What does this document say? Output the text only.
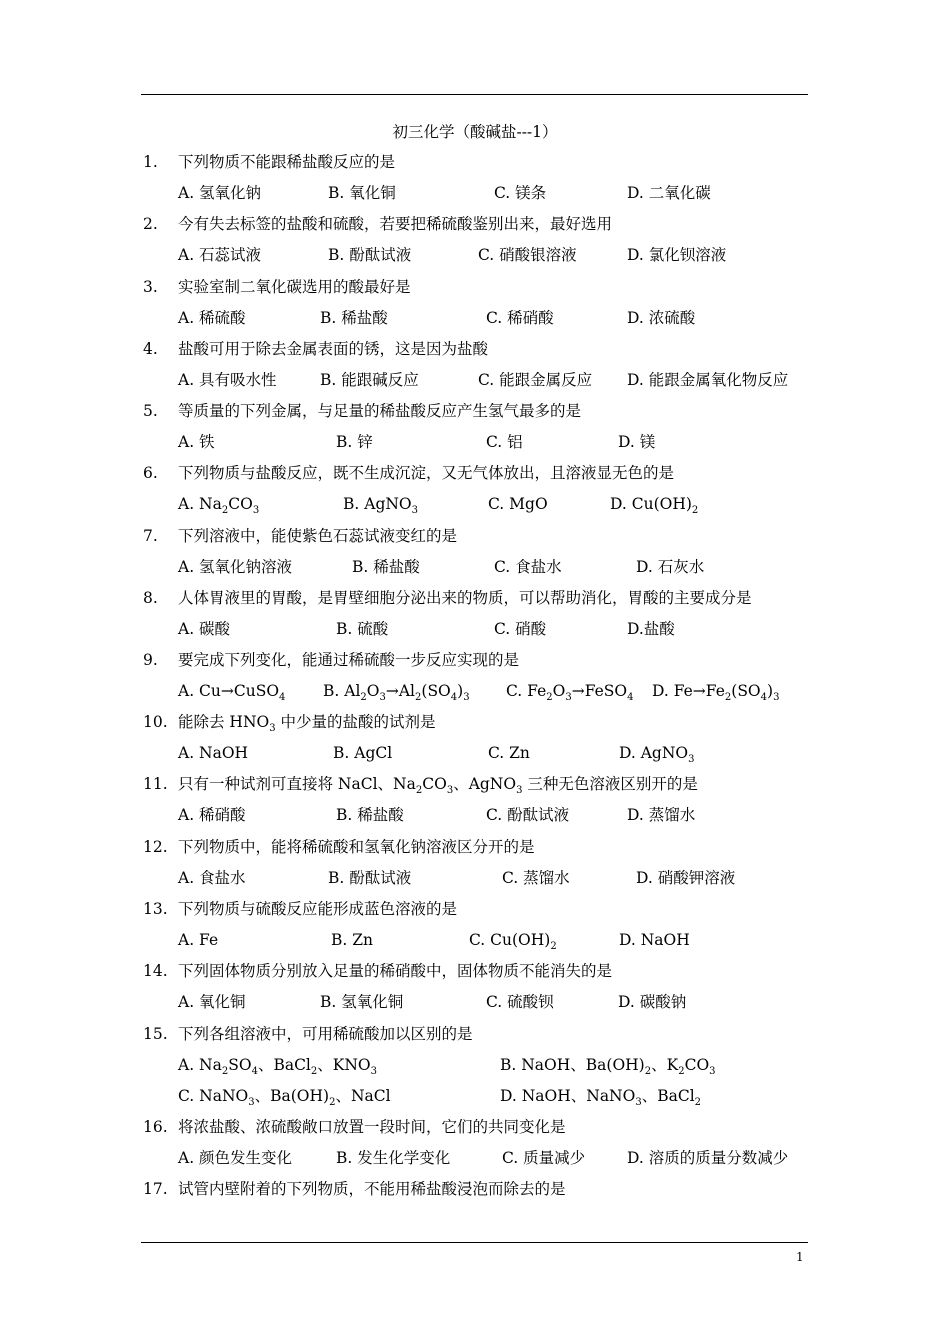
初三化学（酸碱盐---1）
1. 下列物质不能跟稀盐酸反应的是
A. 氢氧化钠	B. 氧化铜	C. 镁条	D. 二氧化碳
2. 今有失去标签的盐酸和硫酸，若要把稀硫酸鉴别出来，最好选用
A. 石蕊试液	B. 酚酞试液	C. 硝酸银溶液	D. 氯化钡溶液
3. 实验室制二氧化碳选用的酸最好是
A. 稀硫酸	B. 稀盐酸	C. 稀硝酸	D. 浓硫酸
4. 盐酸可用于除去金属表面的锈，这是因为盐酸
A. 具有吸水性	B. 能跟碱反应	C. 能跟金属反应 D. 能跟金属氧化物反应
5. 等质量的下列金属，与足量的稀盐酸反应产生氢气最多的是
A. 铁	B. 锌	C. 铝	D. 镁
6. 下列物质与盐酸反应，既不生成沉淀，又无气体放出，且溶液显无色的是
A. $Na_2CO_3$	B. AgNO$_3$	C. MgO	D. $Cu(OH)_2$
7. 下列溶液中，能使紫色石蕊试液变红的是
A. 氢氧化钠溶液	B. 稀盐酸	C. 食盐水	D. 石灰水
8. 人体胃液里的胃酸，是胃壁细胞分泌出来的物质，可以帮助消化，胃酸的主要成分是
A. 碳酸	B. 硫酸	C. 硝酸	D.盐酸
9. 要完成下列变化，能通过稀硫酸一步反应实现的是
A. Cu→CuSO$_4$ B. $Al_2O_3\to Al_2(SO_4)_3$ C. $Fe_2O_3\to FeSO_4$ D. $Fe\to Fe_2(SO_4)_3$
10. 能除去 $HNO_3$ 中少量的盐酸的试剂是
A. NaOH	B. AgCl	C. Zn	D. AgNO$_3$
11. 只有一种试剂可直接将 NaCl、$Na_2CO_3$、AgNO$_3$ 三种无色溶液区别开的是
A. 稀硝酸	B. 稀盐酸	C. 酚酞试液	D. 蒸馏水
12. 下列物质中，能将稀硫酸和氢氧化钠溶液区分开的是
A. 食盐水	B. 酚酞试液	C. 蒸馏水	D. 硝酸钾溶液
13. 下列物质与硫酸反应能形成蓝色溶液的是
A. Fe	B. Zn	C. $Cu(OH)_2$	D. NaOH
14. 下列固体物质分别放入足量的稀硝酸中，固体物质不能消失的是
A. 氧化铜	B. 氢氧化铜	C. 硫酸钡	D. 碳酸钠
15. 下列各组溶液中，可用稀硫酸加以区别的是
A. $Na_2SO_4$、BaCl$_2$、$KNO_3$	B. NaOH、$Ba(OH)_2$、$K_2CO_3$
C. NaNO$_3$、$Ba(OH)_2$、NaCl	D. NaOH、NaNO$_3$、BaCl$_2$
16. 将浓盐酸、浓硫酸敞口放置一段时间，它们的共同变化是
A. 颜色发生变化	B. 发生化学变化	C. 质量减少	D. 溶质的质量分数减少
17. 试管内壁附着的下列物质，不能用稀盐酸浸泡而除去的是
1
